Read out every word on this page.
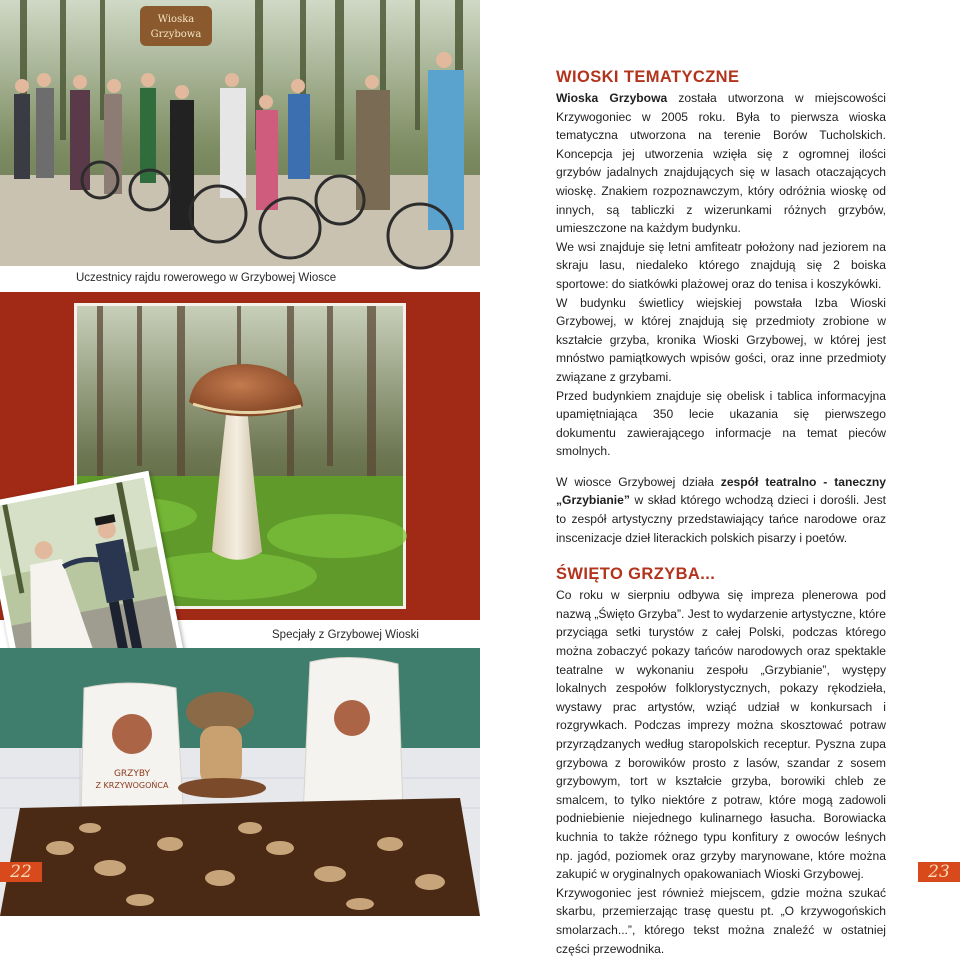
Wioska
Grzybowa
Uczestnicy rajdu rowerowego w Grzybowej Wiosce
Specjały z Grzybowej Wioski
GRZYBY
Z KRZYWOGOŃCA
22	23
WIOSKI TEMATYCZNE

Wioska Grzybowa została utworzona w miejscowości Krzywogoniec w 2005 roku. Była to pierwsza wioska tematyczna utworzona na terenie Borów Tucholskich. Koncepcja jej utworzenia wzięła się z ogromnej ilości grzybów jadalnych znajdujących się w lasach otaczających wioskę. Znakiem rozpoznawczym, który odróżnia wioskę od innych, są tabliczki z wizerunkami różnych grzybów, umieszczone na każdym budynku.

We wsi znajduje się letni amfiteatr położony nad jeziorem na skraju lasu, niedaleko którego znajdują się 2 boiska sportowe: do siatkówki plażowej oraz do tenisa i koszykówki.

W budynku świetlicy wiejskiej powstała Izba Wioski Grzybowej, w której znajdują się przedmioty zrobione w kształcie grzyba, kronika Wioski Grzybowej, w której jest mnóstwo pamiątkowych wpisów gości, oraz inne przedmioty związane z grzybami.

Przed budynkiem znajduje się obelisk i tablica informacyjna upamiętniająca 350 lecie ukazania się pierwszego dokumentu zawierającego informacje na temat pieców smolnych.

W wiosce Grzybowej działa zespół teatralno - taneczny „Grzybianie” w skład którego wchodzą dzieci i dorośli. Jest to zespół artystyczny przedstawiający tańce narodowe oraz inscenizacje dzieł literackich polskich pisarzy i poetów.

ŚWIĘTO GRZYBA...

Co roku w sierpniu odbywa się impreza plenerowa pod nazwą „Święto Grzyba”. Jest to wydarzenie artystyczne, które przyciąga setki turystów z całej Polski, podczas którego można zobaczyć pokazy tańców narodowych oraz spektakle teatralne w wykonaniu zespołu „Grzybianie”, występy lokalnych zespołów folklorystycznych, pokazy rękodzieła, wystawy prac artystów, wziąć udział w konkursach i rozgrywkach. Podczas imprezy można skosztować potraw przyrządzanych według staropolskich receptur. Pyszna zupa grzybowa z borowików prosto z lasów, szandar z sosem grzybowym, tort w kształcie grzyba, borowiki chleb ze smalcem, to tylko niektóre z potraw, które mogą zadowoli podniebienie niejednego kulinarnego łasucha. Borowiacka kuchnia to także różnego typu konfitury z owoców leśnych np. jagód, poziomek oraz grzyby marynowane, które można zakupić w oryginalnych opakowaniach Wioski Grzybowej.

Krzywogoniec jest również miejscem, gdzie można szukać skarbu, przemierzając trasę questu pt. „O krzywogońskich smolarzach...”, którego tekst można znaleźć w ostatniej części przewodnika.
